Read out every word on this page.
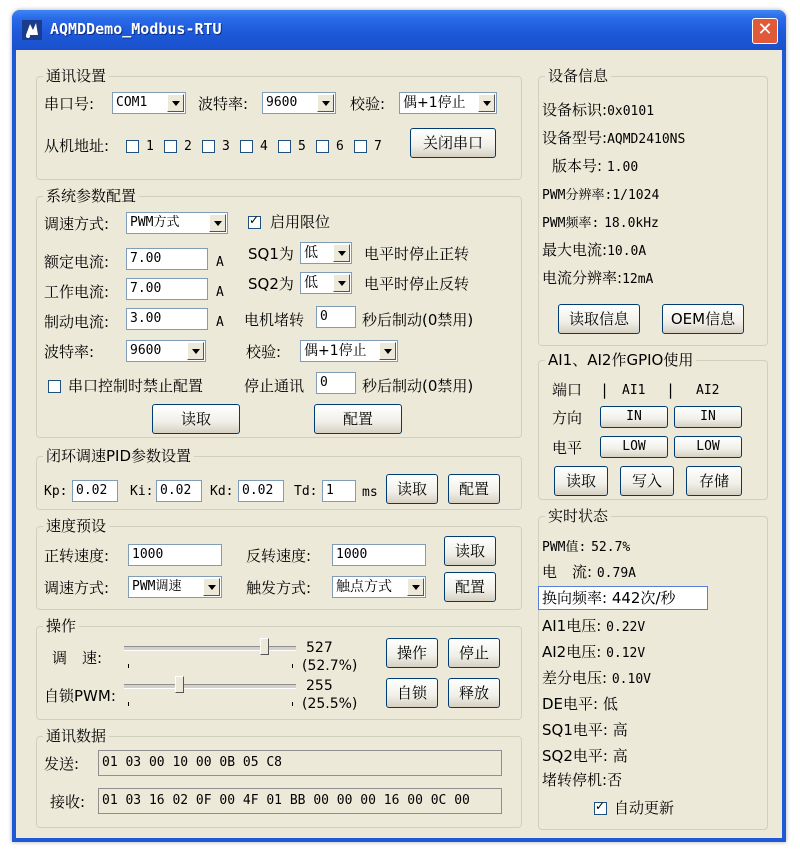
AQMDDemo_Modbus-RTU	✕
通讯设置
串口号: COM1	波特率: 9600	校验: 偶+1停止
从机地址:	1 2 3 4 5 6 7	关闭串口
系统参数配置
调速方式: PWM方式
✓	启用限位
额定电流: 7.00	A
工作电流: 7.00	A
制动电流: 3.00	A
SQ1为 低	电平时停止正转
SQ2为 低	电平时停止反转
电机堵转 0	秒后制动(0禁用)
波特率:	9600	校验: 偶+1停止
串口控制时禁止配置	停止通讯 0	秒后制动(0禁用)
读取	配置
闭环调速PID参数设置
Kp: 0.02	Ki: 0.02	Kd: 0.02	Td: 1	ms	读取	配置
速度预设
正转速度: 1000	反转速度: 1000	读取
调速方式: PWM调速	触发方式: 触点方式	配置
操作
调　速:
527
(52.7%)
自锁PWM:
255
(25.5%)
操作	停止
自锁	释放
通讯数据
发送: 01 03 00 10 00 0B 05 C8
接收: 01 03 16 02 0F 00 4F 01 BB 00 00 00 16 00 0C 00
设备信息
设备标识:0x0101
设备型号:AQMD2410NS
版本号: 1.00
PWM分辨率:1/1024
PWM频率: 18.0kHz
最大电流:10.0A
电流分辨率:12mA
读取信息	OEM信息
AI1、AI2作GPIO使用
端口 | AI1 | AI2
方向	IN	IN
电平	LOW	LOW
读取	写入	存储
实时状态
PWM值: 52.7%
电　流: 0.79A
换向频率: 442次/秒
AI1电压: 0.22V
AI2电压: 0.12V
差分电压: 0.10V
DE电平: 低
SQ1电平: 高
SQ2电平: 高
堵转停机:否
✓
自动更新
